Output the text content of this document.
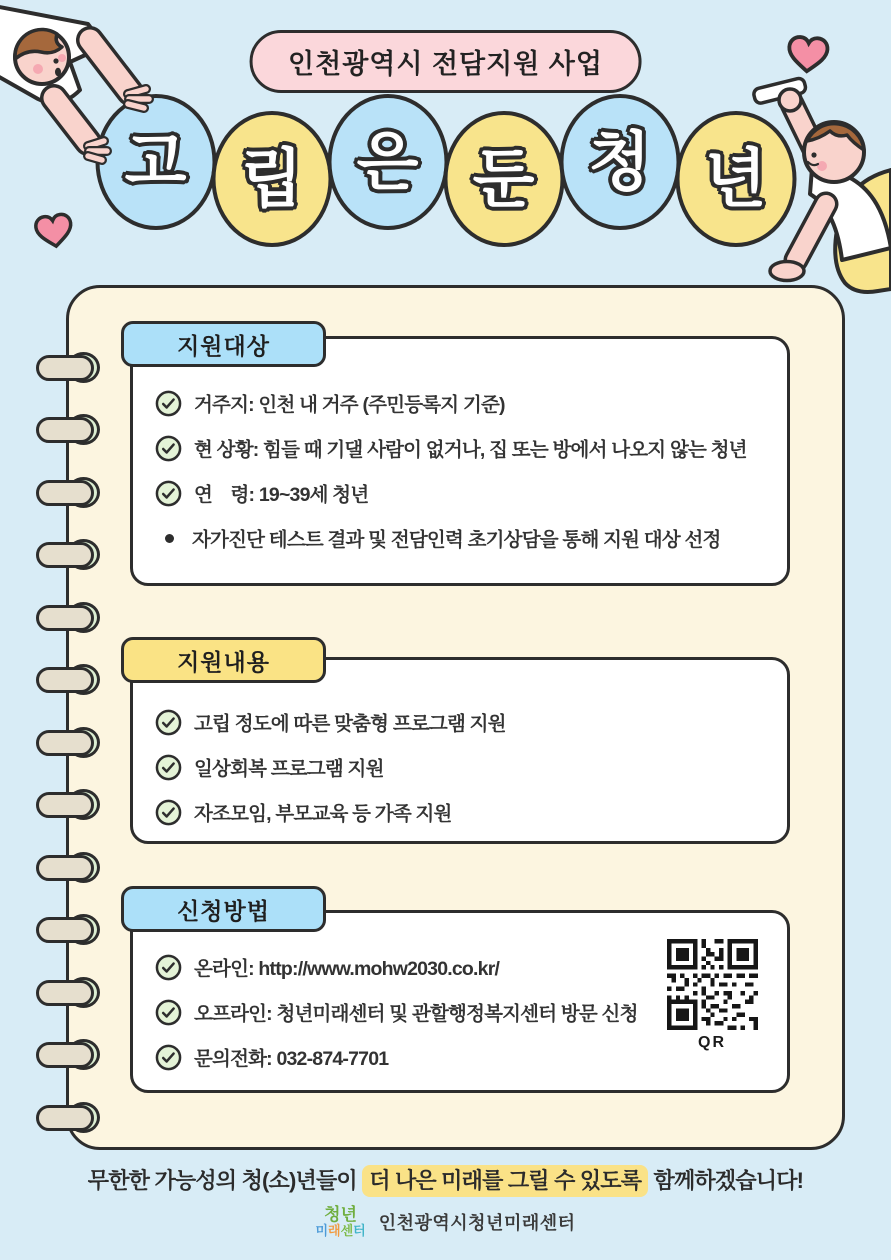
인천광역시 전담지원 사업
고 립 은 둔 청 년
지원대상
거주지: 인천 내 거주 (주민등록지 기준)
현 상황: 힘들 때 기댈 사람이 없거나, 집 또는 방에서 나오지 않는 청년
연    령: 19~39세 청년
자가진단 테스트 결과 및 전담인력 초기상담을 통해 지원 대상 선정
지원내용
고립 정도에 따른 맞춤형 프로그램 지원
일상회복 프로그램 지원
자조모임, 부모교육 등 가족 지원
신청방법
온라인: http://www.mohw2030.co.kr/
오프라인: 청년미래센터 및 관할행정복지센터 방문 신청
문의전화: 032-874-7701
QR
무한한 가능성의 청(소)년들이 더 나은 미래를 그릴 수 있도록 함께하겠습니다!
청년
미래센터 인천광역시청년미래센터
